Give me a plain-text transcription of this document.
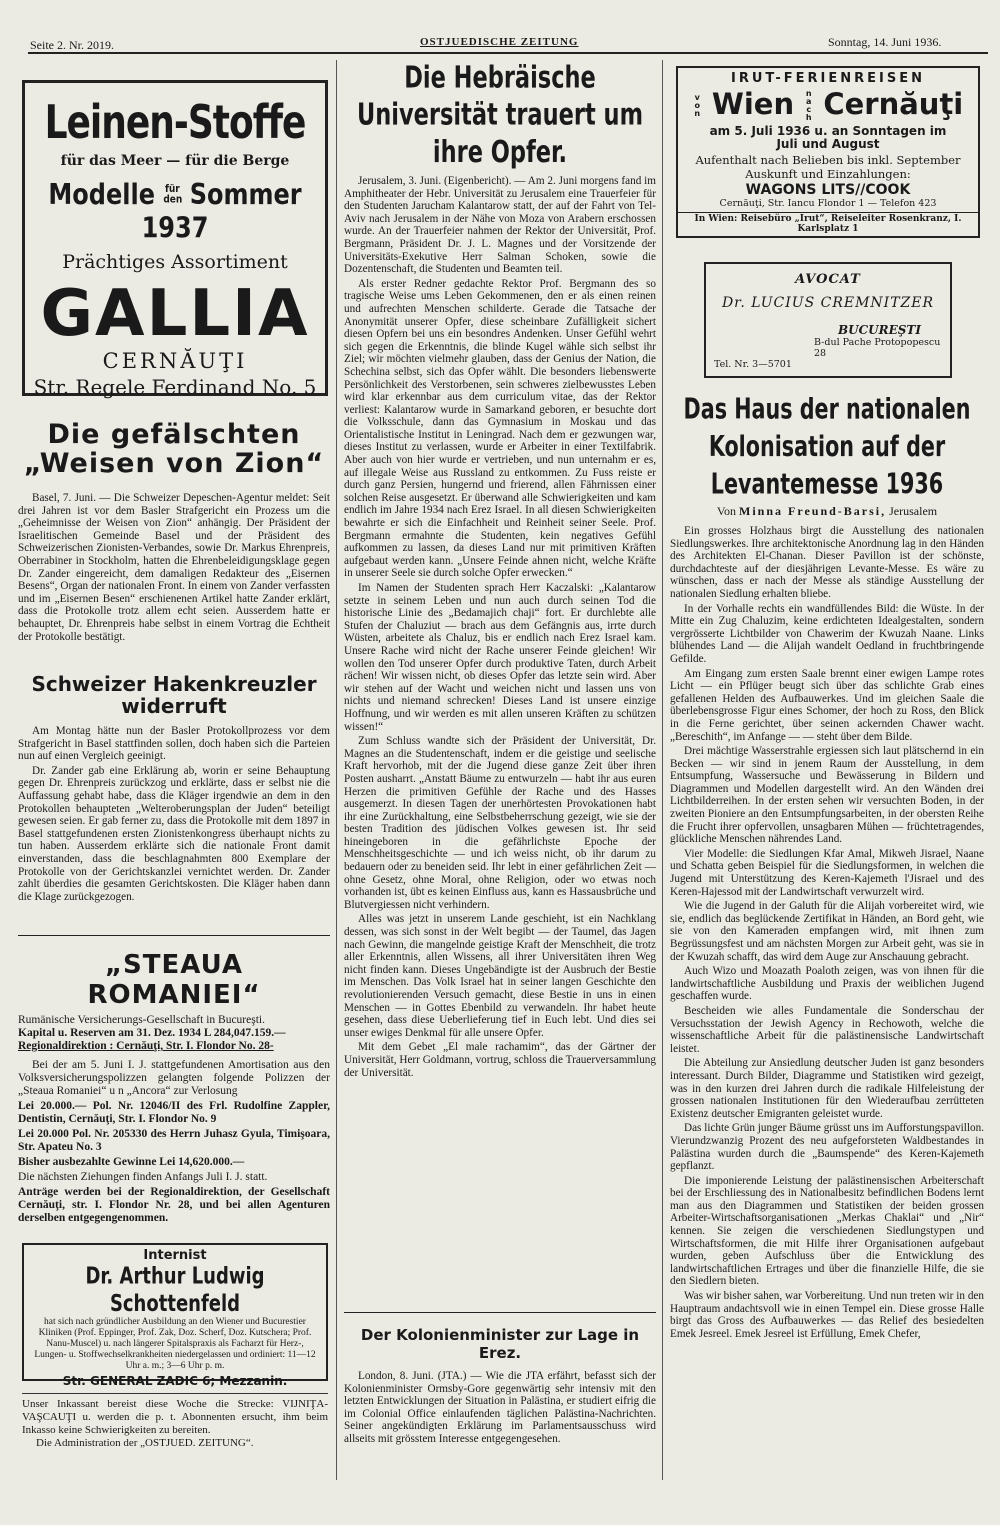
Seite 2. Nr. 2019.	OSTJUEDISCHE ZEITUNG	Sonntag, 14. Juni 1936.
Leinen-Stoffe
für das Meer — für die Berge
Modelle für den Sommer 1937
Prächtiges Assortiment
GALLIA
CERNĂUŢI
Str. Regele Ferdinand No. 5
Die gefälschten „Weisen von Zion“

Basel, 7. Juni. — Die Schweizer Depeschen-Agentur meldet: Seit drei Jahren ist vor dem Basler Strafgericht ein Prozess um die „Geheimnisse der Weisen von Zion“ anhängig. Der Präsident der Israelitischen Gemeinde Basel und der Präsident des Schweizerischen Zionisten-Verbandes, sowie Dr. Markus Ehrenpreis, Oberrabiner in Stockholm, hatten die Ehrenbeleidigungsklage gegen Dr. Zander eingereicht, dem damaligen Redakteur des „Eisernen Besens“, Organ der nationalen Front. In einem von Zander verfassten und im „Eisernen Besen“ erschienenen Artikel hatte Zander erklärt, dass die Protokolle trotz allem echt seien. Ausserdem hatte er behauptet, Dr. Ehrenpreis habe selbst in einem Vortrag die Echtheit der Protokolle bestätigt.

Schweizer Hakenkreuzler widerruft

Am Montag hätte nun der Basler Protokollprozess vor dem Strafgericht in Basel stattfinden sollen, doch haben sich die Parteien nun auf einen Vergleich geeinigt.

Dr. Zander gab eine Erklärung ab, worin er seine Behauptung gegen Dr. Ehrenpreis zurückzog und erklärte, dass er selbst nie die Auffassung gehabt habe, dass die Kläger irgendwie an dem in den Protokollen behaupteten „Welteroberungsplan der Juden“ beteiligt gewesen seien. Er gab ferner zu, dass die Protokolle mit dem 1897 in Basel stattgefundenen ersten Zionistenkongress überhaupt nichts zu tun haben. Ausserdem erklärte sich die nationale Front damit einverstanden, dass die beschlagnahmten 800 Exemplare der Protokolle von der Gerichtskanzlei vernichtet werden. Dr. Zander zahlt überdies die gesamten Gerichtskosten. Die Kläger haben dann die Klage zurückgezogen.

„STEAUA ROMANIEI“
Rumänische Versicherungs-Gesellschaft in Bucureşti.
Kapital u. Reserven am 31. Dez. 1934 L 284,047.159.—
Regionaldirektion : Cernăuţi, Str. I. Flondor No. 28-

Bei der am 5. Juni I. J. stattgefundenen Amortisation aus den Volksversicherungspolizzen gelangten folgende Polizzen der „Steaua Romaniei“ u n „Ancora“ zur Verlosung

Lei 20.000.— Pol. Nr. 12046/II des Frl. Rudolfine Zappler, Dentistin, Cernăuţi, Str. I. Flondor No. 9
Lei 20.000 Pol. Nr. 205330 des Herrn Juhasz Gyula, Timişoara, Str. Apateu No. 3
Bisher ausbezahlte Gewinne Lei 14,620.000.—
Die nächsten Ziehungen finden Anfangs Juli I. J. statt.
Anträge werden bei der Regionaldirektion, der Gesellschaft Cernăuţi, str. I. Flondor Nr. 28, und bei allen Agenturen derselben entgegengenommen.
Internist
Dr. Arthur Ludwig Schottenfeld
hat sich nach gründlicher Ausbildung an den Wiener und Bucurestier Kliniken (Prof. Eppinger, Prof. Zak, Doz. Scherf, Doz. Kutschera; Prof. Nanu-Muscel) u. nach längerer Spitalspraxis als Facharzt für Herz-, Lungen- u. Stoffwechselkrankheiten niedergelassen und ordiniert: 11—12 Uhr a. m.; 3—6 Uhr p. m.
Str. GENERAL ZADIC 6; Mezzanin.
Unser Inkassant bereist diese Woche die Strecke: VIJNIŢA-VAŞCAUŢI u. werden die p. t. Abonnenten ersucht, ihm beim Inkasso keine Schwierigkeiten zu bereiten.
Die Administration der „OSTJUED. ZEITUNG“.
Die Hebräische Universität trauert um ihre Opfer.

Jerusalem, 3. Juni. (Eigenbericht). — Am 2. Juni morgens fand im Amphitheater der Hebr. Universität zu Jerusalem eine Trauerfeier für den Studenten Jarucham Kalantarow statt, der auf der Fahrt von Tel-Aviv nach Jerusalem in der Nähe von Moza von Arabern erschossen wurde. An der Trauerfeier nahmen der Rektor der Universität, Prof. Bergmann, Präsident Dr. J. L. Magnes und der Vorsitzende der Universitäts-Exekutive Herr Salman Schoken, sowie die Dozentenschaft, die Studenten und Beamten teil.

Als erster Redner gedachte Rektor Prof. Bergmann des so tragische Weise ums Leben Gekommenen, den er als einen reinen und aufrechten Menschen schilderte. Gerade die Tatsache der Anonymität unserer Opfer, diese scheinbare Zufälligkeit sichert diesen Opfern bei uns ein besondres Andenken. Unser Gefühl wehrt sich gegen die Erkenntnis, die blinde Kugel wähle sich selbst ihr Ziel; wir möchten vielmehr glauben, dass der Genius der Nation, die Schechina selbst, sich das Opfer wählt. Die besonders liebenswerte Persönlichkeit des Verstorbenen, sein schweres zielbewusstes Leben wird klar erkennbar aus dem curriculum vitae, das der Rektor verliest: Kalantarow wurde in Samarkand geboren, er besuchte dort die Volksschule, dann das Gymnasium in Moskau und das Orientalistische Institut in Leningrad. Nach dem er gezwungen war, dieses Institut zu verlassen, wurde er Arbeiter in einer Textilfabrik. Aber auch von hier wurde er vertrieben, und nun unternahm er es, auf illegale Weise aus Russland zu entkommen. Zu Fuss reiste er durch ganz Persien, hungernd und frierend, allen Fährnissen einer solchen Reise ausgesetzt. Er überwand alle Schwierigkeiten und kam endlich im Jahre 1934 nach Erez Israel. In all diesen Schwierigkeiten bewahrte er sich die Einfachheit und Reinheit seiner Seele. Prof. Bergmann ermahnte die Studenten, kein negatives Gefühl aufkommen zu lassen, da dieses Land nur mit primitiven Kräften aufgebaut werden kann. „Unsere Feinde ahnen nicht, welche Kräfte in unserer Seele sie durch solche Opfer erwecken.“

Im Namen der Studenten sprach Herr Kaczalski: „Kalantarow setzte in seinem Leben und nun auch durch seinen Tod die historische Linie des „Bedamajich chaji“ fort. Er durchlebte alle Stufen der Chaluziut — brach aus dem Gefängnis aus, irrte durch Wüsten, arbeitete als Chaluz, bis er endlich nach Erez Israel kam. Unsere Rache wird nicht der Rache unserer Feinde gleichen! Wir wollen den Tod unserer Opfer durch produktive Taten, durch Arbeit rächen! Wir wissen nicht, ob dieses Opfer das letzte sein wird. Aber wir stehen auf der Wacht und weichen nicht und lassen uns von nichts und niemand schrecken! Dieses Land ist unsere einzige Hoffnung, und wir werden es mit allen unseren Kräften zu schützen wissen!“

Zum Schluss wandte sich der Präsident der Universität, Dr. Magnes an die Studentenschaft, indem er die geistige und seelische Kraft hervorhob, mit der die Jugend diese ganze Zeit über ihren Posten ausharrt. „Anstatt Bäume zu entwurzeln — habt ihr aus euren Herzen die primitiven Gefühle der Rache und des Hasses ausgemerzt. In diesen Tagen der unerhörtesten Provokationen habt ihr eine Zurückhaltung, eine Selbstbeherrschung gezeigt, wie sie der besten Tradition des jüdischen Volkes gewesen ist. Ihr seid hineingeboren in die gefährlichste Epoche der Menschheitsgeschichte — und ich weiss nicht, ob ihr darum zu bedauern oder zu beneiden seid. Ihr lebt in einer gefährlichen Zeit — ohne Gesetz, ohne Moral, ohne Religion, oder wo etwas noch vorhanden ist, übt es keinen Einfluss aus, kann es Hassausbrüche und Blutvergiessen nicht verhindern.

Alles was jetzt in unserem Lande geschieht, ist ein Nachklang dessen, was sich sonst in der Welt begibt — der Taumel, das Jagen nach Gewinn, die mangelnde geistige Kraft der Menschheit, die trotz aller Erkenntnis, allen Wissens, all ihrer Universitäten ihren Weg nicht finden kann. Dieses Ungebändigte ist der Ausbruch der Bestie im Menschen. Das Volk Israel hat in seiner langen Geschichte den revolutionierenden Versuch gemacht, diese Bestie in uns in einen Menschen — in Gottes Ebenbild zu verwandeln. Ihr habet heute gesehen, dass diese Ueberlieferung tief in Euch lebt. Und dies sei unser ewiges Denkmal für alle unsere Opfer.

Mit dem Gebet „El male rachamim“, das der Gärtner der Universität, Herr Goldmann, vortrug, schloss die Trauerversammlung der Universität.

Der Kolonienminister zur Lage in Erez.

London, 8. Juni. (JTA.) — Wie die JTA erfährt, befasst sich der Kolonienminister Ormsby-Gore gegenwärtig sehr intensiv mit den letzten Entwicklungen der Situation in Palästina, er studiert eifrig die im Colonial Office einlaufenden täglichen Palästina-Nachrichten. Seiner angekündigten Erklärung im Parlamentsausschuss wird allseits mit grösstem Interesse entgegengesehen.

IRUT-FERIENREISEN
von Wien nach Cernăuţi
am 5. Juli 1936 u. an Sonntagen im Juli und August
Aufenthalt nach Belieben bis inkl. September
Auskunft und Einzahlungen:
WAGONS LITS//COOK
Cernăuţi, Str. Iancu Flondor 1 — Telefon 423
In Wien: Reisebüro „Irut“, Reiseleiter Rosenkranz, I. Karlsplatz 1
AVOCAT
Dr. LUCIUS CREMNITZER
BUCUREŞTI
B-dul Pache Protopopescu 28
Tel. Nr. 3—5701
Das Haus der nationalen Kolonisation auf der Levantemesse 1936
Von Minna Freund-Barsi, Jerusalem

Ein grosses Holzhaus birgt die Ausstellung des nationalen Siedlungswerkes. Ihre architektonische Anordnung lag in den Händen des Architekten El-Chanan. Dieser Pavillon ist der schönste, durchdachteste auf der diesjährigen Levante-Messe. Es wäre zu wünschen, dass er nach der Messe als ständige Ausstellung der nationalen Siedlung erhalten bliebe.

In der Vorhalle rechts ein wandfüllendes Bild: die Wüste. In der Mitte ein Zug Chaluzim, keine erdichteten Idealgestalten, sondern vergrösserte Lichtbilder von Chawerim der Kwuzah Naane. Links blühendes Land — die Alijah wandelt Oedland in fruchtbringende Gefilde.

Am Eingang zum ersten Saale brennt einer ewigen Lampe rotes Licht — ein Pflüger beugt sich über das schlichte Grab eines gefallenen Helden des Aufbauwerkes. Und im gleichen Saale die überlebensgrosse Figur eines Schomer, der hoch zu Ross, den Blick in die Ferne gerichtet, über seinen ackernden Chawer wacht. „Bereschith“, im Anfange — — steht über dem Bilde.

Drei mächtige Wasserstrahle ergiessen sich laut plätschernd in ein Becken — wir sind in jenem Raum der Ausstellung, in dem Entsumpfung, Wassersuche und Bewässerung in Bildern und Diagrammen und Modellen dargestellt wird. An den Wänden drei Lichtbilderreihen. In der ersten sehen wir versuchten Boden, in der zweiten Pioniere an den Entsumpfungsarbeiten, in der obersten Reihe die Frucht ihrer opfervollen, unsagbaren Mühen — früchtetragendes, glückliche Menschen nährendes Land.

Vier Modelle: die Siedlungen Kfar Amal, Mikweh Jisrael, Naane und Schatta geben Beispiel für die Siedlungsformen, in welchen die Jugend mit Unterstützung des Keren-Kajemeth l'Jisrael und des Keren-Hajessod mit der Landwirtschaft verwurzelt wird.

Wie die Jugend in der Galuth für die Alijah vorbereitet wird, wie sie, endlich das beglückende Zertifikat in Händen, an Bord geht, wie sie von den Kameraden empfangen wird, mit ihnen zum Begrüssungsfest und am nächsten Morgen zur Arbeit geht, was sie in der Kwuzah schafft, das wird dem Auge zur Anschauung gebracht.

Auch Wizo und Moazath Poaloth zeigen, was von ihnen für die landwirtschaftliche Ausbildung und Praxis der weiblichen Jugend geschaffen wurde.

Bescheiden wie alles Fundamentale die Sonderschau der Versuchsstation der Jewish Agency in Rechowoth, welche die wissenschaftliche Arbeit für die palästinensische Landwirtschaft leistet.

Die Abteilung zur Ansiedlung deutscher Juden ist ganz besonders interessant. Durch Bilder, Diagramme und Statistiken wird gezeigt, was in den kurzen drei Jahren durch die radikale Hilfeleistung der grossen nationalen Institutionen für den Wiederaufbau zerrütteten Existenz deutscher Emigranten geleistet wurde.

Das lichte Grün junger Bäume grüsst uns im Aufforstungspavillon. Vierundzwanzig Prozent des neu aufgeforsteten Waldbestandes in Palästina wurden durch die „Baumspende“ des Keren-Kajemeth gepflanzt.

Die imponierende Leistung der palästinensischen Arbeiterschaft bei der Erschliessung des in Nationalbesitz befindlichen Bodens lernt man aus den Diagrammen und Statistiken der beiden grossen Arbeiter-Wirtschaftsorganisationen „Merkas Chaklai“ und „Nir“ kennen. Sie zeigen die verschiedenen Siedlungstypen und Wirtschaftsformen, die mit Hilfe ihrer Organisationen aufgebaut wurden, geben Aufschluss über die Entwicklung des landwirtschaftlichen Ertrages und über die finanzielle Hilfe, die sie den Siedlern bieten.

Was wir bisher sahen, war Vorbereitung. Und nun treten wir in den Hauptraum andachtsvoll wie in einen Tempel ein. Diese grosse Halle birgt das Gross des Aufbauwerkes — das Relief des besiedelten Emek Jesreel. Emek Jesreel ist Erfüllung, Emek Chefer,
